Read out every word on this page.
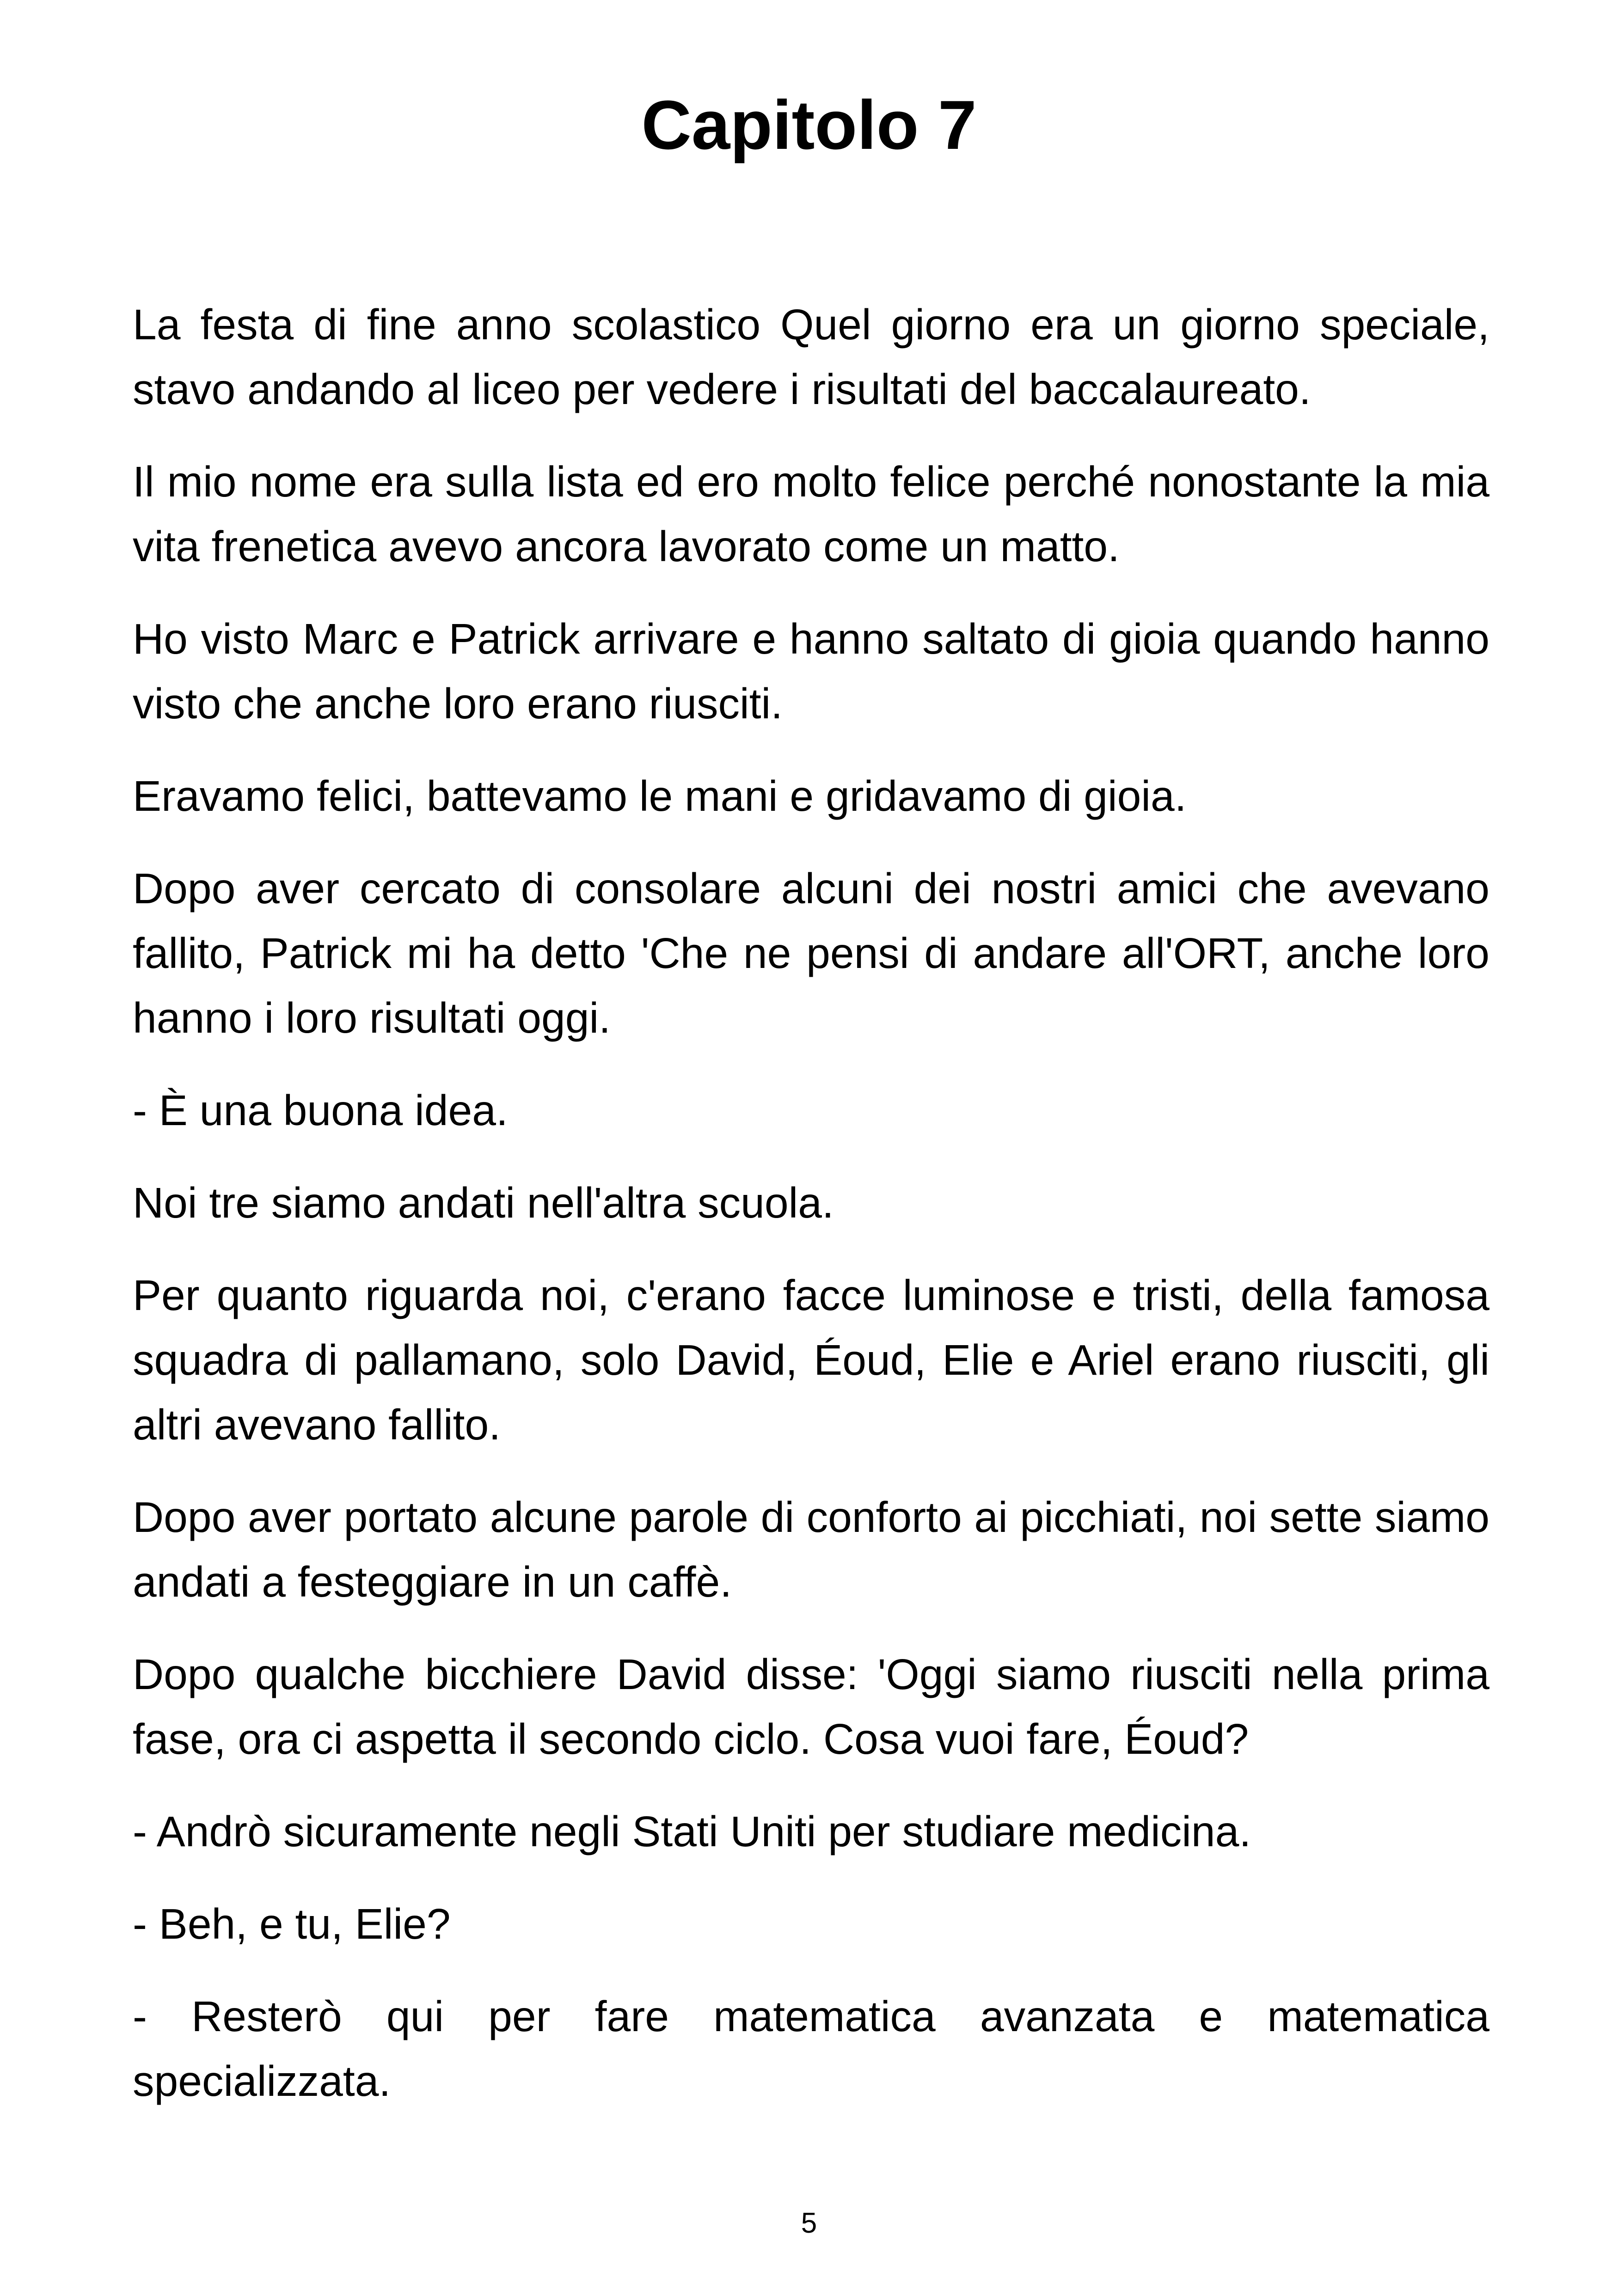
Capitolo 7

La festa di fine anno scolastico Quel giorno era un giorno speciale, stavo andando al liceo per vedere i risultati del baccalaureato.

Il mio nome era sulla lista ed ero molto felice perché nonostante la mia vita frenetica avevo ancora lavorato come un matto.

Ho visto Marc e Patrick arrivare e hanno saltato di gioia quando hanno visto che anche loro erano riusciti.

Eravamo felici, battevamo le mani e gridavamo di gioia.

Dopo aver cercato di consolare alcuni dei nostri amici che avevano fallito, Patrick mi ha detto 'Che ne pensi di andare all'ORT, anche loro hanno i loro risultati oggi.

- È una buona idea.

Noi tre siamo andati nell'altra scuola.

Per quanto riguarda noi, c'erano facce luminose e tristi, della famosa squadra di pallamano, solo David, Éoud, Elie e Ariel erano riusciti, gli altri avevano fallito.

Dopo aver portato alcune parole di conforto ai picchiati, noi sette siamo andati a festeggiare in un caffè.

Dopo qualche bicchiere David disse: 'Oggi siamo riusciti nella prima fase, ora ci aspetta il secondo ciclo. Cosa vuoi fare, Éoud?

- Andrò sicuramente negli Stati Uniti per studiare medicina.

- Beh, e tu, Elie?

- Resterò qui per fare matematica avanzata e matematica specializzata.

5
